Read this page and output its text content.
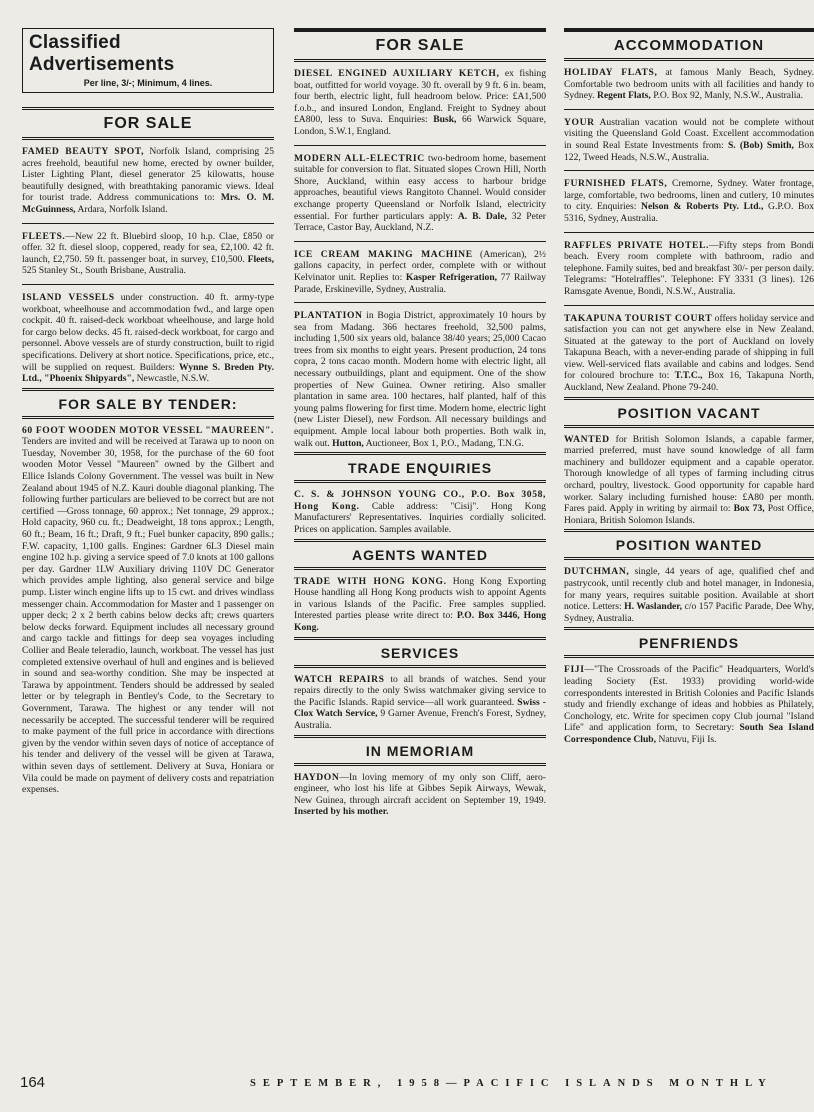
Classified Advertisements
Per line, 3/-; Minimum, 4 lines.
FOR SALE

FAMED BEAUTY SPOT, Norfolk Island, comprising 25 acres freehold, beautiful new home, erected by owner builder, Lister Lighting Plant, diesel generator 25 kilowatts, house beautifully designed, with breathtaking panoramic views. Ideal for tourist trade. Address communications to: Mrs. O. M. McGuinness, Ardara, Norfolk Island.

FLEETS.—New 22 ft. Bluebird sloop, 10 h.p. Clae, £850 or offer. 32 ft. diesel sloop, coppered, ready for sea, £2,100. 42 ft. launch, £2,750. 59 ft. passenger boat, in survey, £10,500. Fleets, 525 Stanley St., South Brisbane, Australia.

ISLAND VESSELS under construction. 40 ft. army-type workboat, wheelhouse and accommodation fwd., and large open cockpit. 40 ft. raised-deck workboat wheelhouse, and large hold for cargo below decks. 45 ft. raised-deck workboat, for cargo and personnel. Above vessels are of sturdy construction, built to rigid specifications. Delivery at short notice. Specifications, price, etc., will be supplied on request. Builders: Wynne S. Breden Pty. Ltd., "Phoenix Shipyards", Newcastle, N.S.W.

FOR SALE BY TENDER:

60 FOOT WOODEN MOTOR VESSEL "MAUREEN". Tenders are invited and will be received at Tarawa up to noon on Tuesday, November 30, 1958, for the purchase of the 60 foot wooden Motor Vessel "Maureen" owned by the Gilbert and Ellice Islands Colony Government. The vessel was built in New Zealand about 1945 of N.Z. Kauri double diagonal planking. The following further particulars are believed to be correct but are not certified —Gross tonnage, 60 approx.; Net tonnage, 29 approx.; Hold capacity, 960 cu. ft.; Deadweight, 18 tons approx.; Length, 60 ft.; Beam, 16 ft.; Draft, 9 ft.; Fuel bunker capacity, 890 galls.; F.W. capacity, 1,100 galls. Engines: Gardner 6L3 Diesel main engine 102 h.p. giving a service speed of 7.0 knots at 100 gallons per day. Gardner 1LW Auxiliary driving 110V DC Generator which provides ample lighting, also general service and bilge pump. Lister winch engine lifts up to 15 cwt. and drives windlass messenger chain. Accommodation for Master and 1 passenger on upper deck; 2 x 2 berth cabins below decks aft; crews quarters below decks forward. Equipment includes all necessary ground and cargo tackle and fittings for deep sea voyages including Collier and Beale teleradio, launch, workboat. The vessel has just completed extensive overhaul of hull and engines and is believed in sound and sea-worthy condition. She may be inspected at Tarawa by appointment. Tenders should be addressed by sealed letter or by telegraph in Bentley's Code, to the Secretary to Government, Tarawa. The highest or any tender will not necessarily be accepted. The successful tenderer will be required to make payment of the full price in accordance with directions given by the vendor within seven days of notice of acceptance of his tender and delivery of the vessel will be given at Tarawa, within seven days of settlement. Delivery at Suva, Honiara or Vila could be made on payment of delivery costs and repatriation expenses.

FOR SALE

DIESEL ENGINED AUXILIARY KETCH, ex fishing boat, outfitted for world voyage. 30 ft. overall by 9 ft. 6 in. beam, four berth, electric light, full headroom below. Price: £A1,500 f.o.b., and insured London, England. Freight to Sydney about £A800, less to Suva. Enquiries: Busk, 66 Warwick Square, London, S.W.1, England.

MODERN ALL-ELECTRIC two-bedroom home, basement suitable for conversion to flat. Situated slopes Crown Hill, North Shore, Auckland, within easy access to harbour bridge approaches, beautiful views Rangitoto Channel. Would consider exchange property Queensland or Norfolk Island, electricity essential. For further particulars apply: A. B. Dale, 32 Peter Terrace, Castor Bay, Auckland, N.Z.

ICE CREAM MAKING MACHINE (American), 2½ gallons capacity, in perfect order, complete with or without Kelvinator unit. Replies to: Kasper Refrigeration, 77 Railway Parade, Erskineville, Sydney, Australia.

PLANTATION in Bogia District, approximately 10 hours by sea from Madang. 366 hectares freehold, 32,500 palms, including 1,500 six years old, balance 38/40 years; 25,000 Cacao trees from six months to eight years. Present production, 24 tons copra, 2 tons cacao month. Modern home with electric light, all necessary outbuildings, plant and equipment. One of the show properties of New Guinea. Owner retiring. Also smaller plantation in same area. 100 hectares, half planted, half of this young palms flowering for first time. Modern home, electric light (new Lister Diesel), new Fordson. All necessary buildings and equipment. Ample local labour both properties. Both walk in, walk out. Hutton, Auctioneer, Box 1, P.O., Madang, T.N.G.

TRADE ENQUIRIES

C. S. & JOHNSON YOUNG CO., P.O. Box 3058, Hong Kong. Cable address: "Cisij". Hong Kong Manufacturers' Representatives. Inquiries cordially solicited. Prices on application. Samples available.

AGENTS WANTED

TRADE WITH HONG KONG. Hong Kong Exporting House handling all Hong Kong products wish to appoint Agents in various Islands of the Pacific. Free samples supplied. Interested parties please write direct to: P.O. Box 3446, Hong Kong.

SERVICES

WATCH REPAIRS to all brands of watches. Send your repairs directly to the only Swiss watchmaker giving service to the Pacific Islands. Rapid service—all work guaranteed. Swiss - Clox Watch Service, 9 Garner Avenue, French's Forest, Sydney, Australia.

IN MEMORIAM

HAYDON—In loving memory of my only son Cliff, aero-engineer, who lost his life at Gibbes Sepik Airways, Wewak, New Guinea, through aircraft accident on September 19, 1949. Inserted by his mother.

ACCOMMODATION

HOLIDAY FLATS, at famous Manly Beach, Sydney. Comfortable two bedroom units with all facilities and handy to Sydney. Regent Flats, P.O. Box 92, Manly, N.S.W., Australia.

YOUR Australian vacation would not be complete without visiting the Queensland Gold Coast. Excellent accommodation in sound Real Estate Investments from: S. (Bob) Smith, Box 122, Tweed Heads, N.S.W., Australia.

FURNISHED FLATS, Cremorne, Sydney. Water frontage, large, comfortable, two bedrooms, linen and cutlery, 10 minutes to city. Enquiries: Nelson & Roberts Pty. Ltd., G.P.O. Box 5316, Sydney, Australia.

RAFFLES PRIVATE HOTEL.—Fifty steps from Bondi beach. Every room complete with bathroom, radio and telephone. Family suites, bed and breakfast 30/- per person daily. Telegrams: "Hotelraffles". Telephone: FY 3331 (3 lines). 126 Ramsgate Avenue, Bondi, N.S.W., Australia.

TAKAPUNA TOURIST COURT offers holiday service and satisfaction you can not get anywhere else in New Zealand. Situated at the gateway to the port of Auckland on lovely Takapuna Beach, with a never-ending parade of shipping in full view. Well-serviced flats available and cabins and lodges. Send for coloured brochure to: T.T.C., Box 16, Takapuna North, Auckland, New Zealand. Phone 79-240.

POSITION VACANT

WANTED for British Solomon Islands, a capable farmer, married preferred, must have sound knowledge of all farm machinery and bulldozer equipment and a capable operator. Thorough knowledge of all types of farming including citrus orchard, poultry, livestock. Good opportunity for capable hard worker. Salary including furnished house: £A80 per month. Fares paid. Apply in writing by airmail to: Box 73, Post Office, Honiara, British Solomon Islands.

POSITION WANTED

DUTCHMAN, single, 44 years of age, qualified chef and pastrycook, until recently club and hotel manager, in Indonesia, for many years, requires suitable position. Available at short notice. Letters: H. Waslander, c/o 157 Pacific Parade, Dee Why, Sydney, Australia.

PENFRIENDS

FIJI—"The Crossroads of the Pacific" Headquarters, World's leading Society (Est. 1933) providing world-wide correspondents interested in British Colonies and Pacific Islands study and friendly exchange of ideas and hobbies as Philately, Conchology, etc. Write for specimen copy Club journal "Island Life" and application form, to Secretary: South Sea Island Correspondence Club, Natuvu, Fiji Is.

164	SEPTEMBER, 1958—PACIFIC ISLANDS MONTHLY
